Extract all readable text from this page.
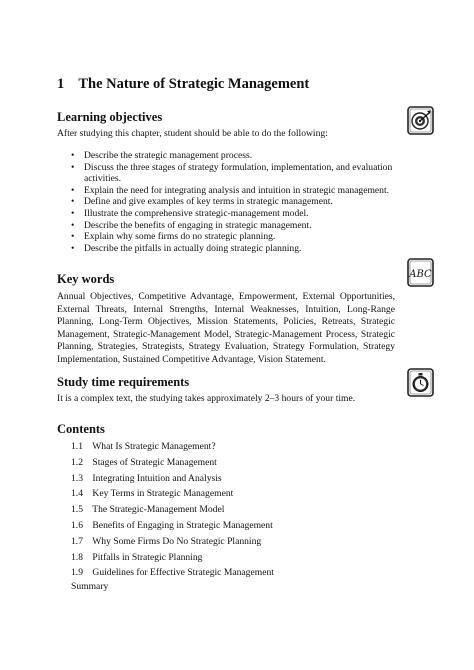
1 The Nature of Strategic Management
Learning objectives
After studying this chapter, student should be able to do the following:
• Describe the strategic management process.
• Discuss the three stages of strategy formulation, implementation, and evaluation activities.
• Explain the need for integrating analysis and intuition in strategic management.
• Define and give examples of key terms in strategic management.
• Illustrate the comprehensive strategic-management model.
• Describe the benefits of engaging in strategic management.
• Explain why some firms do no strategic planning.
• Describe the pitfalls in actually doing strategic planning.
Key words
Annual Objectives, Competitive Advantage, Empowerment, External Opportunities, External Threats, Internal Strengths, Internal Weaknesses, Intuition, Long-Range Planning, Long-Term Objectives, Mission Statements, Policies, Retreats, Strategic Management, Strategic-Management Model, Strategic-Management Process, Strategic Planning, Strategies, Strategists, Strategy Evaluation, Strategy Formulation, Strategy Implementation, Sustained Competitive Advantage, Vision Statement.
ABC
Study time requirements
It is a complex text, the studying takes approximately 2–3 hours of your time.
Contents
1.1 What Is Strategic Management?
1.2 Stages of Strategic Management
1.3 Integrating Intuition and Analysis
1.4 Key Terms in Strategic Management
1.5 The Strategic-Management Model
1.6 Benefits of Engaging in Strategic Management
1.7 Why Some Firms Do No Strategic Planning
1.8 Pitfalls in Strategic Planning
1.9 Guidelines for Effective Strategic Management
Summary
